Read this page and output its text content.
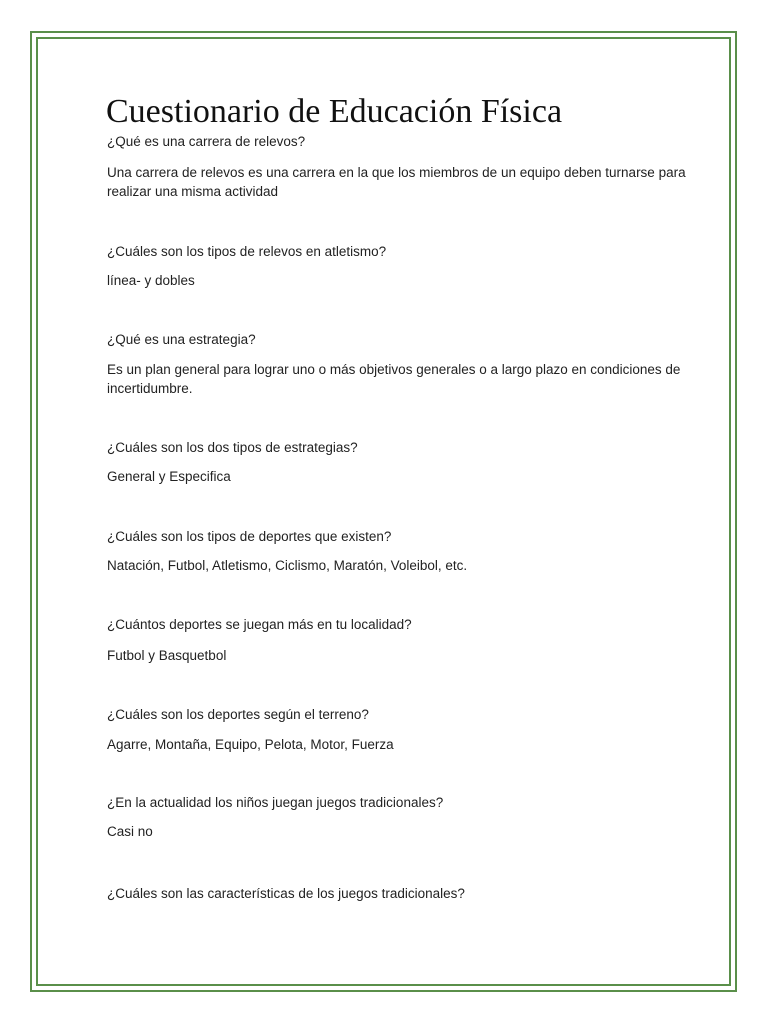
Cuestionario de Educación Física

¿Qué es una carrera de relevos?

Una carrera de relevos es una carrera en la que los miembros de un equipo deben turnarse para realizar una misma actividad

¿Cuáles son los tipos de relevos en atletismo?

línea- y dobles

¿Qué es una estrategia?

Es un plan general para lograr uno o más objetivos generales o a largo plazo en condiciones de incertidumbre.

¿Cuáles son los dos tipos de estrategias?

General y Especifica

¿Cuáles son los tipos de deportes que existen?

Natación, Futbol, Atletismo, Ciclismo, Maratón, Voleibol, etc.

¿Cuántos deportes se juegan más en tu localidad?

Futbol y Basquetbol

¿Cuáles son los deportes según el terreno?

Agarre, Montaña, Equipo, Pelota, Motor, Fuerza

¿En la actualidad los niños juegan juegos tradicionales?

Casi no

¿Cuáles son las características de los juegos tradicionales?
